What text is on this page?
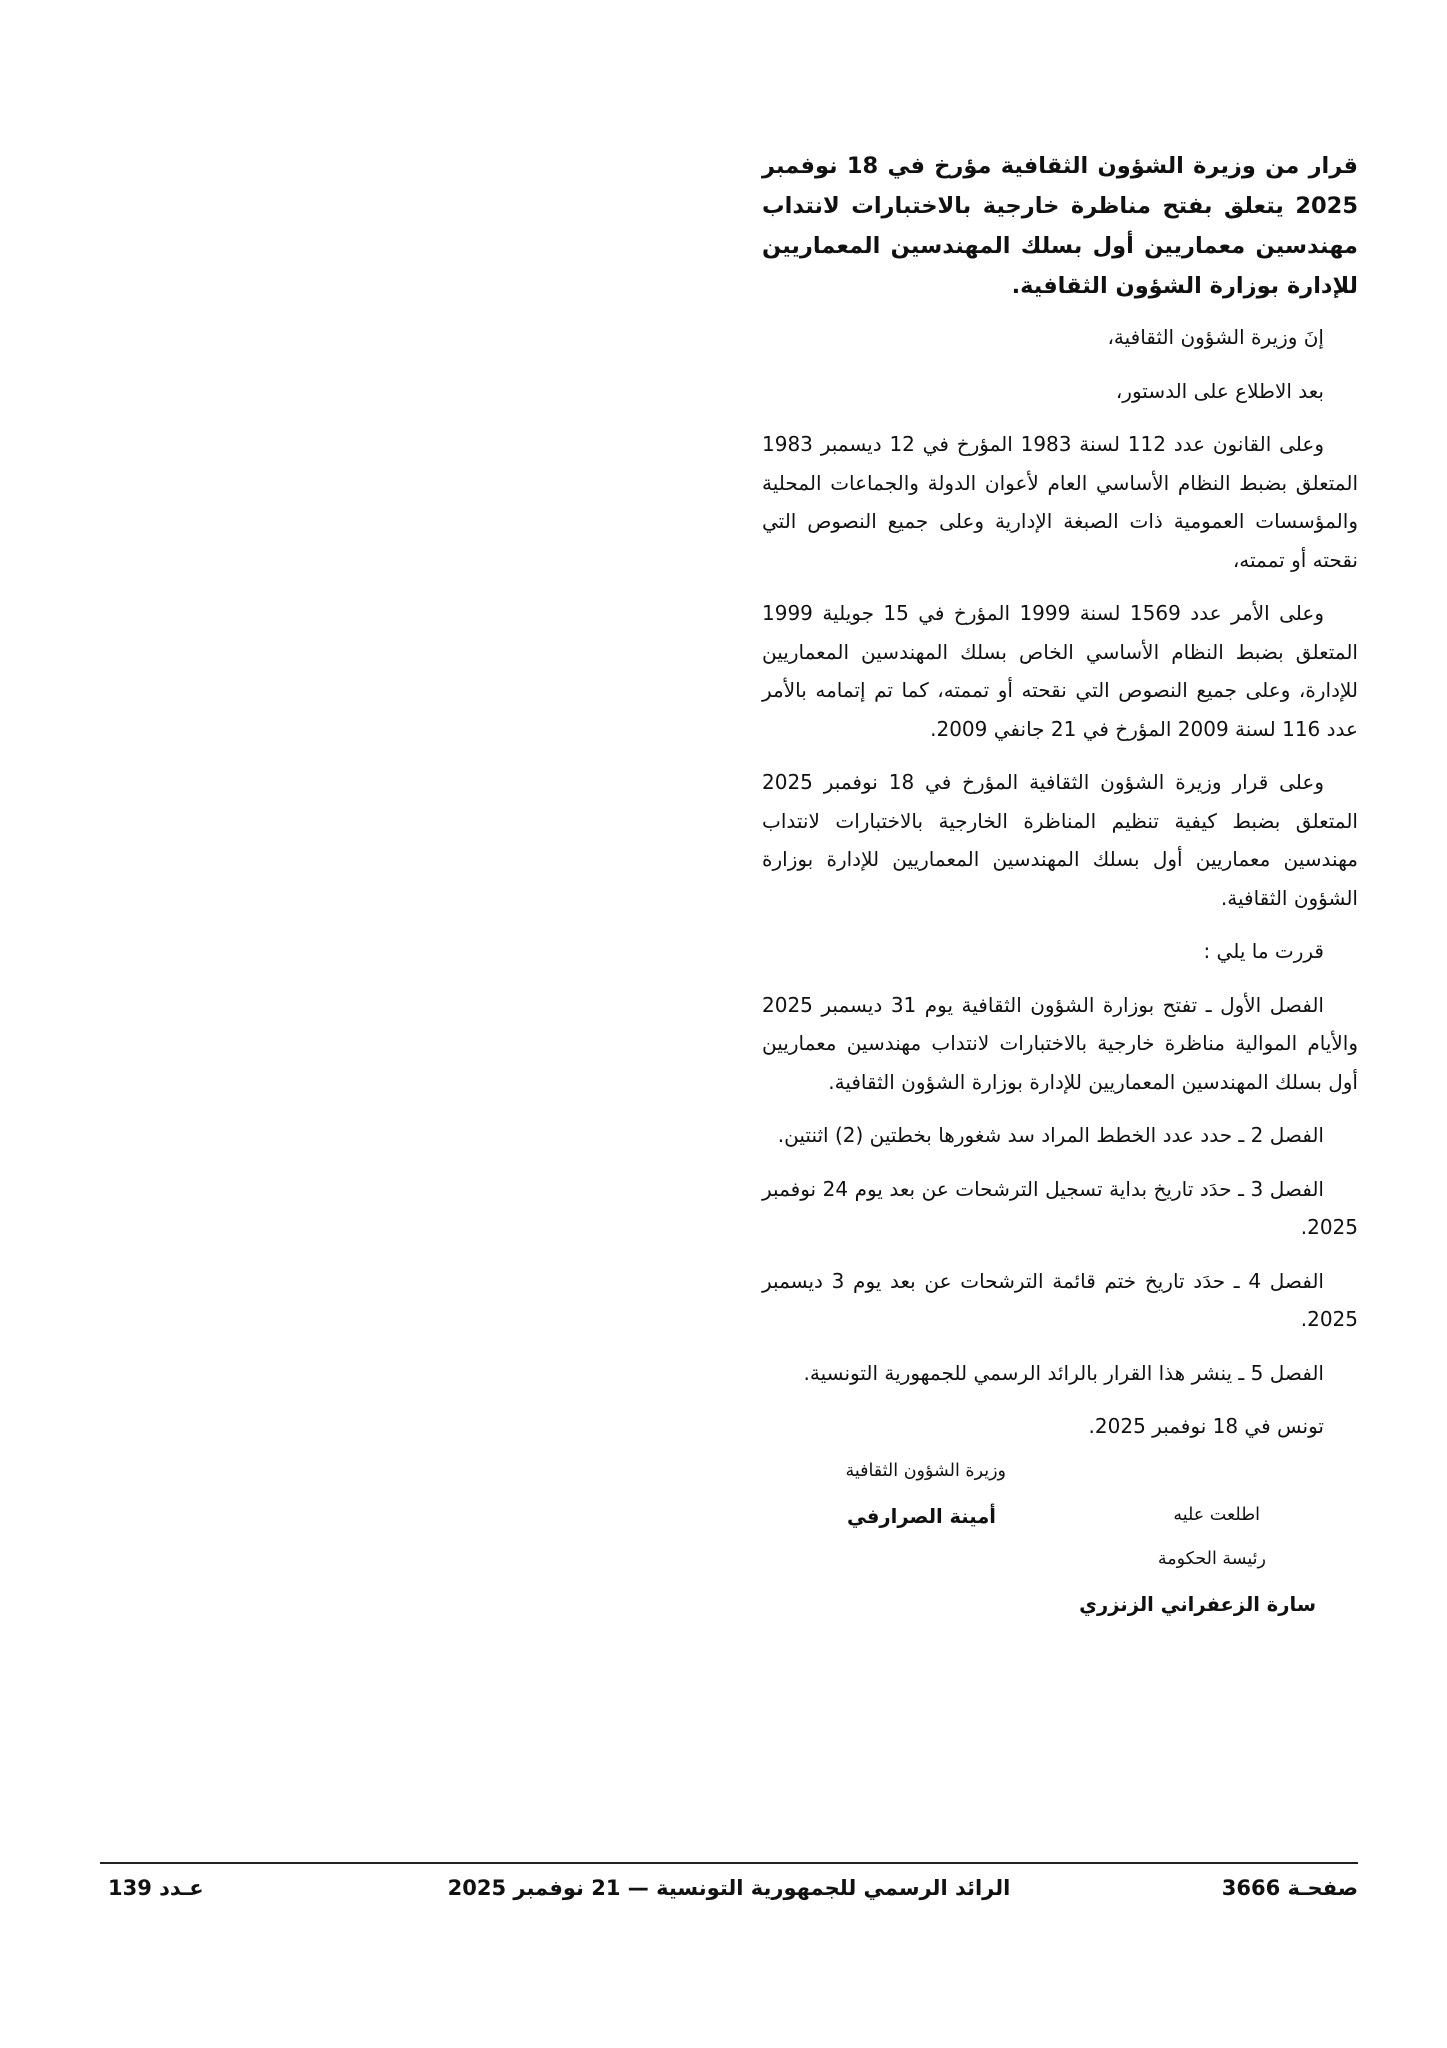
قرار من وزيرة الشؤون الثقافية مؤرخ في 18 نوفمبر 2025 يتعلق بفتح مناظرة خارجية بالاختبارات لانتداب مهندسين معماريين أول بسلك المهندسين المعماريين للإدارة بوزارة الشؤون الثقافية.

إنَ وزيرة الشؤون الثقافية،

بعد الاطلاع على الدستور،

وعلى القانون عدد 112 لسنة 1983 المؤرخ في 12 ديسمبر 1983 المتعلق بضبط النظام الأساسي العام لأعوان الدولة والجماعات المحلية والمؤسسات العمومية ذات الصبغة الإدارية وعلى جميع النصوص التي نقحته أو تممته،

وعلى الأمر عدد 1569 لسنة 1999 المؤرخ في 15 جويلية 1999 المتعلق بضبط النظام الأساسي الخاص بسلك المهندسين المعماريين للإدارة، وعلى جميع النصوص التي نقحته أو تممته، كما تم إتمامه بالأمر عدد 116 لسنة 2009 المؤرخ في 21 جانفي 2009.

وعلى قرار وزيرة الشؤون الثقافية المؤرخ في 18 نوفمبر 2025 المتعلق بضبط كيفية تنظيم المناظرة الخارجية بالاختبارات لانتداب مهندسين معماريين أول بسلك المهندسين المعماريين للإدارة بوزارة الشؤون الثقافية.

قررت ما يلي :

الفصل الأول ـ تفتح بوزارة الشؤون الثقافية يوم 31 ديسمبر 2025 والأيام الموالية مناظرة خارجية بالاختبارات لانتداب مهندسين معماريين أول بسلك المهندسين المعماريين للإدارة بوزارة الشؤون الثقافية.

الفصل 2 ـ حدد عدد الخطط المراد سد شغورها بخطتين (2) اثنتين.

الفصل 3 ـ حدَد تاريخ بداية تسجيل الترشحات عن بعد يوم 24 نوفمبر 2025.

الفصل 4 ـ حدَد تاريخ ختم قائمة الترشحات عن بعد يوم 3 ديسمبر 2025.

الفصل 5 ـ ينشر هذا القرار بالرائد الرسمي للجمهورية التونسية.

تونس في 18 نوفمبر 2025.

وزيرة الشؤون الثقافية
أمينة الصرارفي	اطلعت عليه
رئيسة الحكومة
سارة الزعفراني الزنزري
صفحـة 3666
الرائد الرسمي للجمهورية التونسية — 21 نوفمبر 2025
عـدد 139
